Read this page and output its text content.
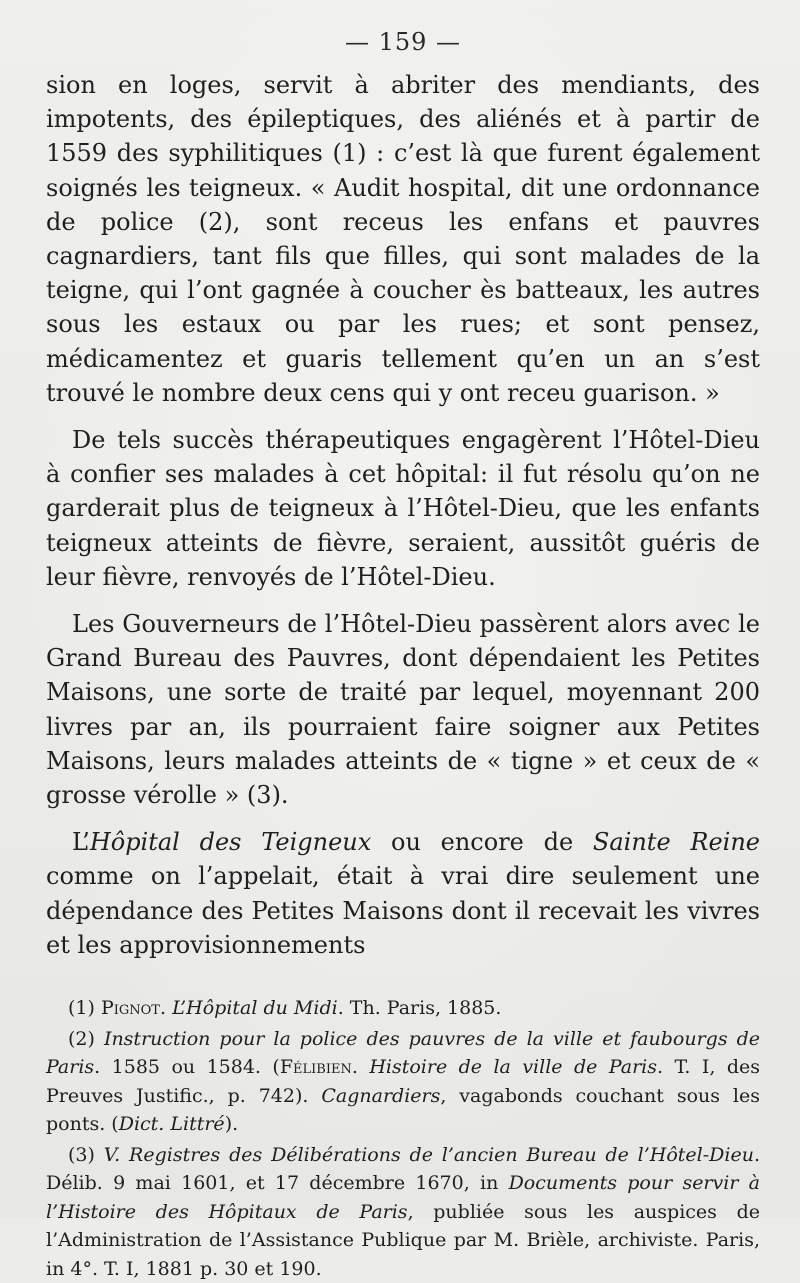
— 159 —

sion en loges, servit à abriter des mendiants, des impotents, des épileptiques, des aliénés et à partir de 1559 des syphilitiques (1) : c’est là que furent également soignés les teigneux. « Audit hospital, dit une ordonnance de police (2), sont receus les enfans et pauvres cagnardiers, tant fils que filles, qui sont malades de la teigne, qui l’ont gagnée à coucher ès batteaux, les autres sous les estaux ou par les rues; et sont pensez, médicamentez et guaris tellement qu’en un an s’est trouvé le nombre deux cens qui y ont receu guarison. »

De tels succès thérapeutiques engagèrent l’Hôtel-Dieu à confier ses malades à cet hôpital: il fut résolu qu’on ne garderait plus de teigneux à l’Hôtel-Dieu, que les enfants teigneux atteints de fièvre, seraient, aussitôt guéris de leur fièvre, renvoyés de l’Hôtel-Dieu.

Les Gouverneurs de l’Hôtel-Dieu passèrent alors avec le Grand Bureau des Pauvres, dont dépendaient les Petites Maisons, une sorte de traité par lequel, moyennant 200 livres par an, ils pourraient faire soigner aux Petites Maisons, leurs malades atteints de « tigne » et ceux de « grosse vérolle » (3).

L’Hôpital des Teigneux ou encore de Sainte Reine comme on l’appelait, était à vrai dire seulement une dépendance des Petites Maisons dont il recevait les vivres et les approvisionnements

(1) Pignot. L’Hôpital du Midi. Th. Paris, 1885.

(2) Instruction pour la police des pauvres de la ville et faubourgs de Paris. 1585 ou 1584. (Félibien. Histoire de la ville de Paris. T. I, des Preuves Justific., p. 742). Cagnardiers, vagabonds couchant sous les ponts. (Dict. Littré).

(3) V. Registres des Délibérations de l’ancien Bureau de l’Hôtel-Dieu. Délib. 9 mai 1601, et 17 décembre 1670, in Documents pour servir à l’Histoire des Hôpitaux de Paris, publiée sous les auspices de l’Administration de l’Assistance Publique par M. Brièle, archiviste. Paris, in 4°. T. I, 1881 p. 30 et 190.
